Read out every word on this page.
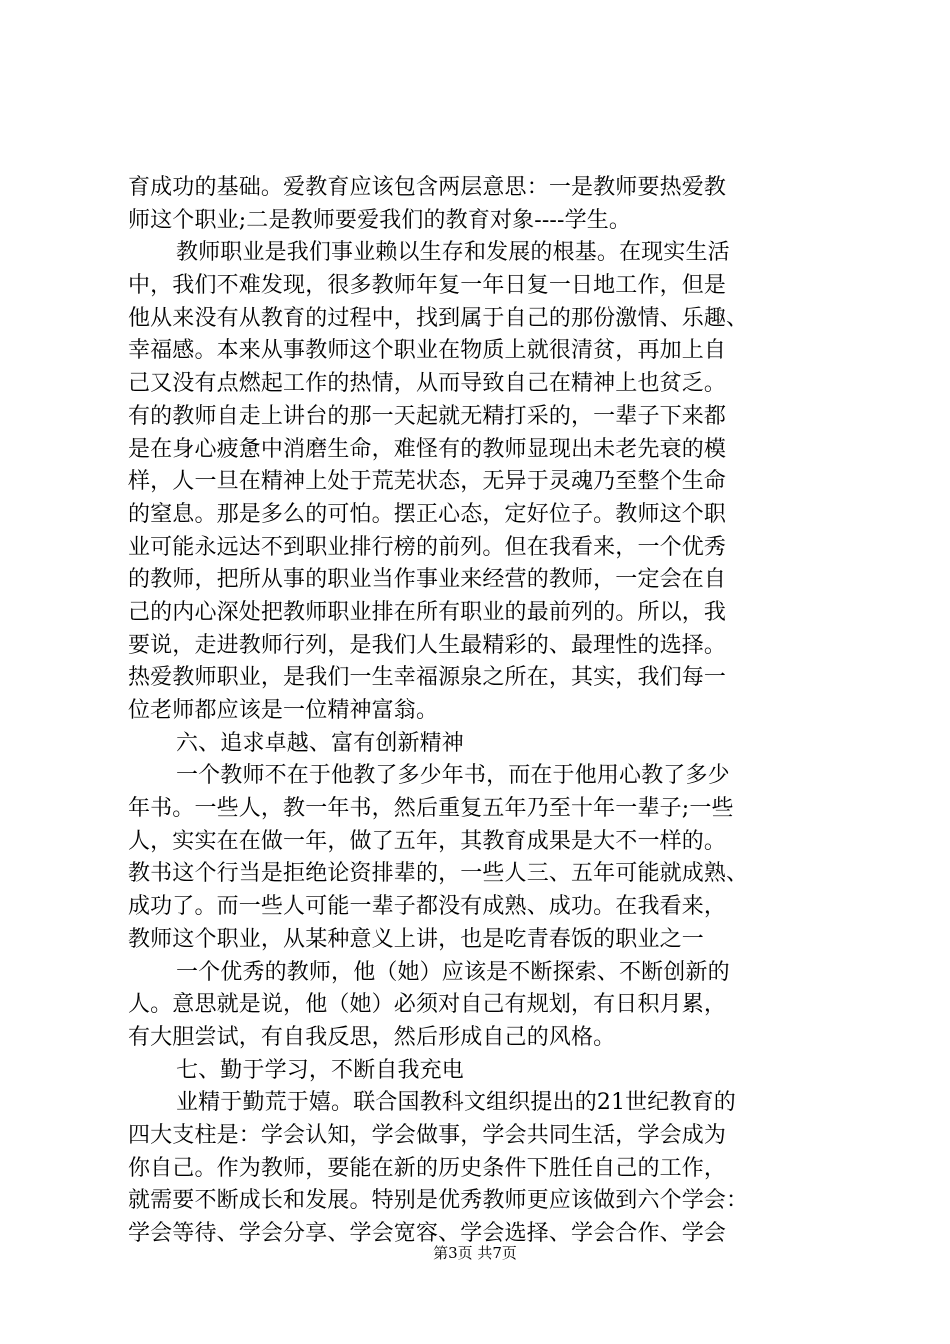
育成功的基础。爱教育应该包含两层意思：一是教师要热爱教
师这个职业;二是教师要爱我们的教育对象----学生。
教师职业是我们事业赖以生存和发展的根基。在现实生活
中，我们不难发现，很多教师年复一年日复一日地工作，但是
他从来没有从教育的过程中，找到属于自己的那份激情、乐趣、
幸福感。本来从事教师这个职业在物质上就很清贫，再加上自
己又没有点燃起工作的热情，从而导致自己在精神上也贫乏。
有的教师自走上讲台的那一天起就无精打采的，一辈子下来都
是在身心疲惫中消磨生命，难怪有的教师显现出未老先衰的模
样，人一旦在精神上处于荒芜状态，无异于灵魂乃至整个生命
的窒息。那是多么的可怕。摆正心态，定好位子。教师这个职
业可能永远达不到职业排行榜的前列。但在我看来，一个优秀
的教师，把所从事的职业当作事业来经营的教师，一定会在自
己的内心深处把教师职业排在所有职业的最前列的。所以，我
要说，走进教师行列，是我们人生最精彩的、最理性的选择。
热爱教师职业，是我们一生幸福源泉之所在，其实，我们每一
位老师都应该是一位精神富翁。
六、追求卓越、富有创新精神
一个教师不在于他教了多少年书，而在于他用心教了多少
年书。一些人，教一年书，然后重复五年乃至十年一辈子;一些
人，实实在在做一年，做了五年，其教育成果是大不一样的。
教书这个行当是拒绝论资排辈的，一些人三、五年可能就成熟、
成功了。而一些人可能一辈子都没有成熟、成功。在我看来，
教师这个职业，从某种意义上讲，也是吃青春饭的职业之一
一个优秀的教师，他（她）应该是不断探索、不断创新的
人。意思就是说，他（她）必须对自己有规划，有日积月累，
有大胆尝试，有自我反思，然后形成自己的风格。
七、勤于学习，不断自我充电
业精于勤荒于嬉。联合国教科文组织提出的21世纪教育的
四大支柱是：学会认知，学会做事，学会共同生活，学会成为
你自己。作为教师，要能在新的历史条件下胜任自己的工作，
就需要不断成长和发展。特别是优秀教师更应该做到六个学会：
学会等待、学会分享、学会宽容、学会选择、学会合作、学会
第3页 共7页
